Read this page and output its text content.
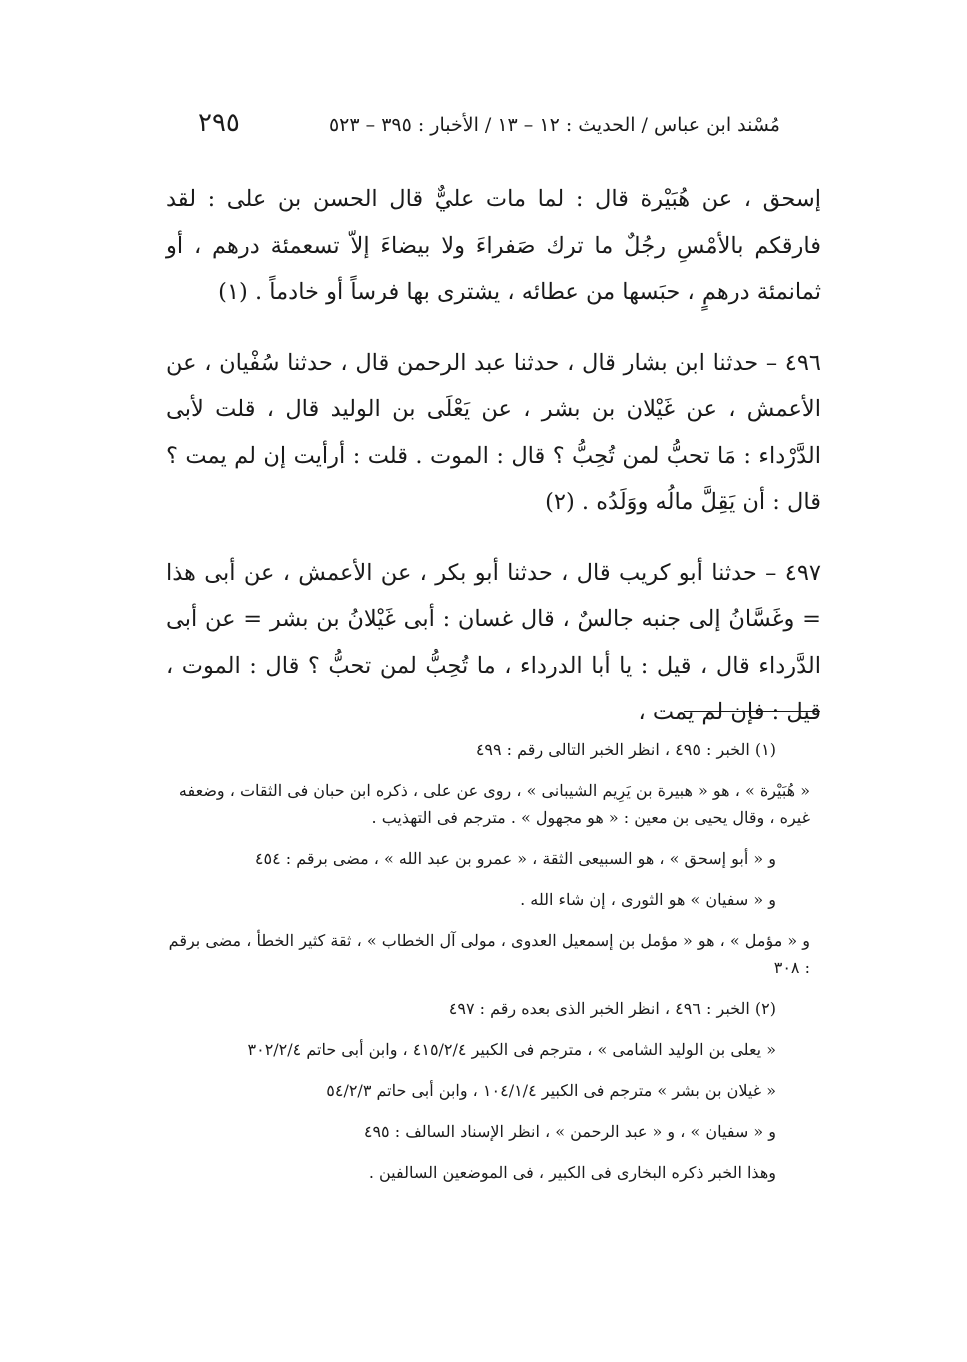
مُسْند ابن عباس / الحديث : ١٢ – ١٣ / الأخبار : ٣٩٥ – ٥٢٣
٢٩٥

إسحق ، عن هُبَيْرة قال : لما مات عليٌّ قال الحسن بن على : لقد فارقكم بالأمْسِ رجُلٌ ما ترك صَفراءَ ولا بيضاءَ إلاّ تسعمئة درهم ، أو ثمانمئة درهمٍ ، حبَسها من عطائه ، يشترى بها فرساً أو خادماً . (١)

٤٩٦ – حدثنا ابن بشار قال ، حدثنا عبد الرحمن قال ، حدثنا سُفْيان ، عن الأعمش ، عن غَيْلان بن بشر ، عن يَعْلَى بن الوليد قال ، قلت لأبى الدَّرْداء : مَا تحبُّ لمن تُحِبُّ ؟ قال : الموت . قلت : أرأيت إن لم يمت ؟ قال : أن يَقِلَّ مالُه ووَلَدُه . (٢)

٤٩٧ – حدثنا أبو كريب قال ، حدثنا أبو بكر ، عن الأعمش ، عن أبى هذا = وغَسَّانُ إلى جنبه جالسٌ ، قال غسان : أبى غَيْلانُ بن بشر = عن أبى الدَّرداء قال ، قيل : يا أبا الدرداء ، ما تُحِبُّ لمن تحبُّ ؟ قال : الموت ، قيل : فإن لم يمت ،

(١) الخبر : ٤٩٥ ، انظر الخبر التالى رقم : ٤٩٩

« هُبَيْرة » ، هو « هبيرة بن يَرِيم الشيبانى » ، روى عن على ، ذكره ابن حبان فى الثقات ، وضعفه غيره ، وقال يحيى بن معين : « هو مجهول » . مترجم فى التهذيب .

و « أبو إسحق » ، هو السبيعى الثقة ، « عمرو بن عبد الله » ، مضى برقم : ٤٥٤

و « سفيان » هو الثورى ، إن شاء الله .

و « مؤمل » ، هو « مؤمل بن إسمعيل العدوى ، مولى آل الخطاب » ، ثقة كثير الخطأ ، مضى برقم : ٣٠٨

(٢) الخبر : ٤٩٦ ، انظر الخبر الذى بعده رقم : ٤٩٧

« يعلى بن الوليد الشامى » ، مترجم فى الكبير ٤١٥/٢/٤ ، وابن أبى حاتم ٣٠٢/٢/٤

« غيلان بن بشر » مترجم فى الكبير ١٠٤/١/٤ ، وابن أبى حاتم ٥٤/٢/٣

و « سفيان » ، و « عبد الرحمن » ، انظر الإسناد السالف : ٤٩٥

وهذا الخبر ذكره البخارى فى الكبير ، فى الموضعين السالفين .
